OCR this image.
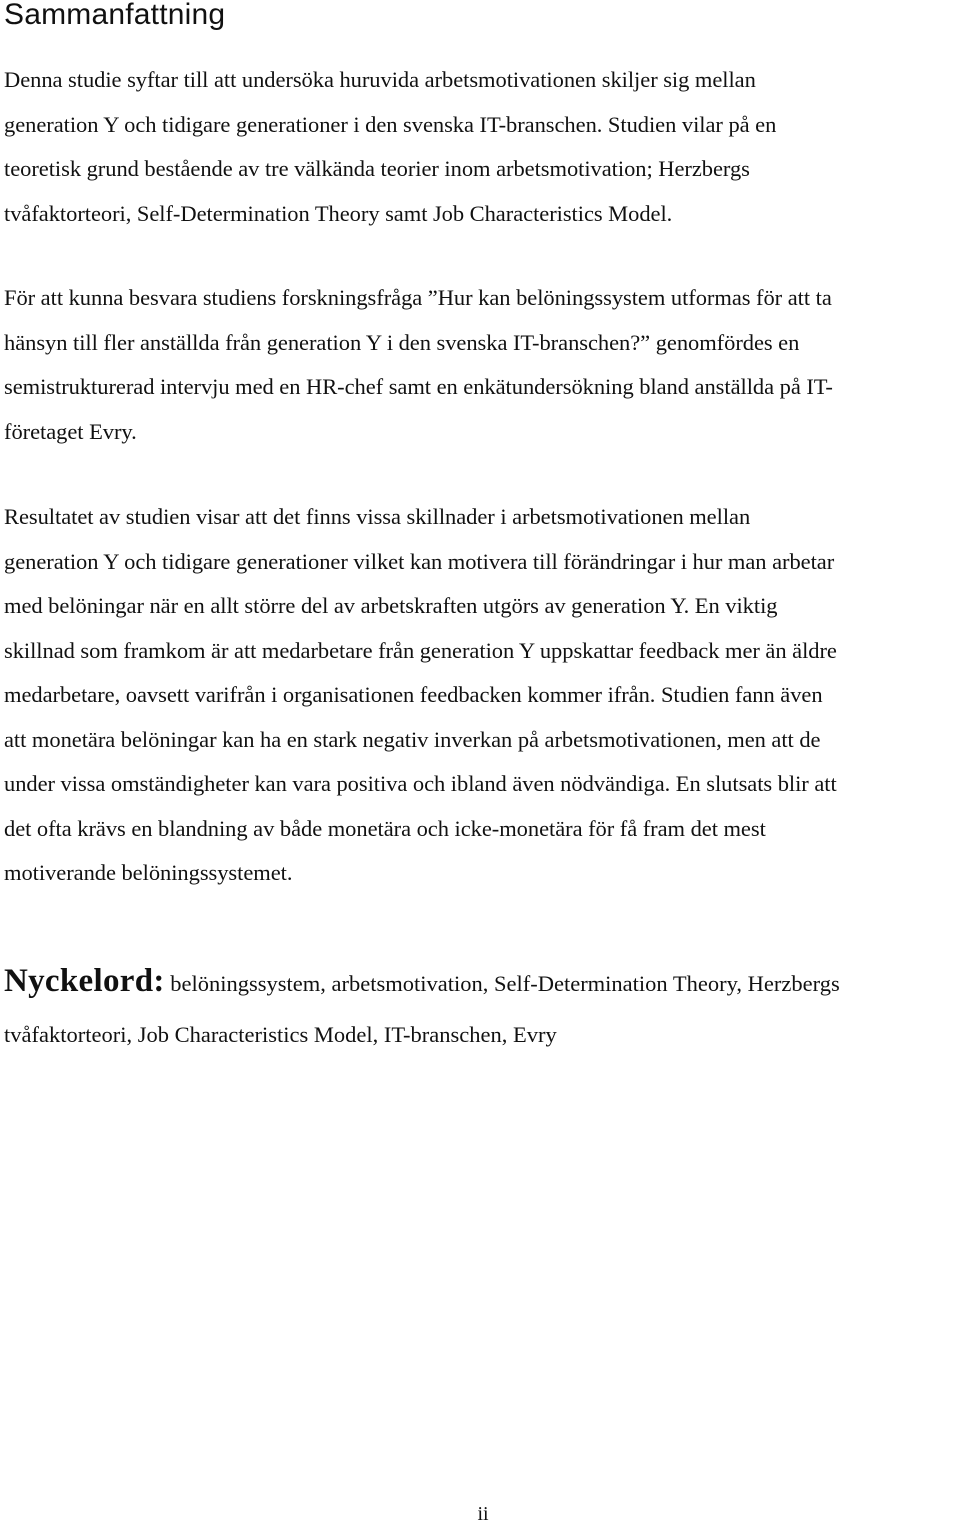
Sammanfattning

Denna studie syftar till att undersöka huruvida arbetsmotivationen skiljer sig mellan
generation Y och tidigare generationer i den svenska IT-branschen. Studien vilar på en
teoretisk grund bestående av tre välkända teorier inom arbetsmotivation; Herzbergs
tvåfaktorteori, Self-Determination Theory samt Job Characteristics Model.

För att kunna besvara studiens forskningsfråga ”Hur kan belöningssystem utformas för att ta
hänsyn till fler anställda från generation Y i den svenska IT-branschen?” genomfördes en
semistrukturerad intervju med en HR-chef samt en enkätundersökning bland anställda på IT-
företaget Evry.

Resultatet av studien visar att det finns vissa skillnader i arbetsmotivationen mellan
generation Y och tidigare generationer vilket kan motivera till förändringar i hur man arbetar
med belöningar när en allt större del av arbetskraften utgörs av generation Y. En viktig
skillnad som framkom är att medarbetare från generation Y uppskattar feedback mer än äldre
medarbetare, oavsett varifrån i organisationen feedbacken kommer ifrån. Studien fann även
att monetära belöningar kan ha en stark negativ inverkan på arbetsmotivationen, men att de
under vissa omständigheter kan vara positiva och ibland även nödvändiga. En slutsats blir att
det ofta krävs en blandning av både monetära och icke-monetära för få fram det mest
motiverande belöningssystemet.

Nyckelord: belöningssystem, arbetsmotivation, Self-Determination Theory, Herzbergs
tvåfaktorteori, Job Characteristics Model, IT-branschen, Evry

ii
